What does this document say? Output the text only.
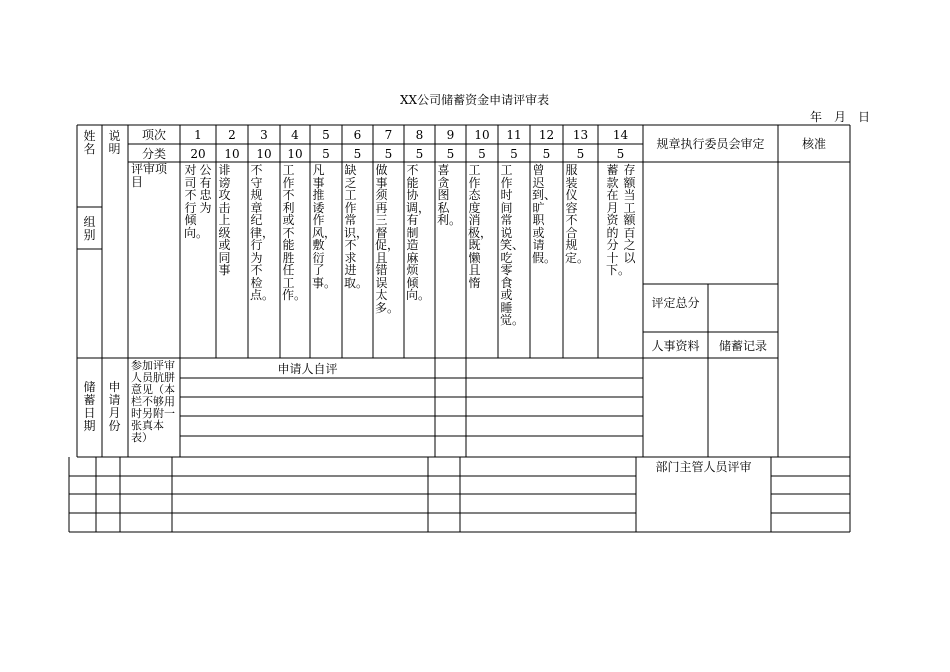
XX公司储蓄资金申请评审表
年　月　日
姓名
说明
项次
分类
规章执行委员会审定	核准
1
20
公有忠为
对司不行倾向。
2
10
诽谤攻击上级或同事
3
10
不守规章纪律，行为不检点。
4
10
工作不利或不能胜任工作。
5
5
凡事推诿作风，敷衍了事。
6
5
缺乏工作常识，不求进取。
7
5
做事须再三督促，且错误太多。
8
5
不能协调，有制造麻烦倾向。
9
5
喜贪图私利。
10
5
工作态度消极，既懒且惰
11
5
工作时间常说笑、吃零食或睡觉。
12
5
曾迟到、旷职或请假。
13
5
服装仪容不合规定。
14
5
存额当工额百之以
蓄款在月资的分十下。
评审项目
组别
评定总分
人事资料	储蓄记录
储蓄日期
申请月份
参加评审人员肮胼意见（本栏不够用时另附一张真本表）
申请人自评
部门主管人员评审
